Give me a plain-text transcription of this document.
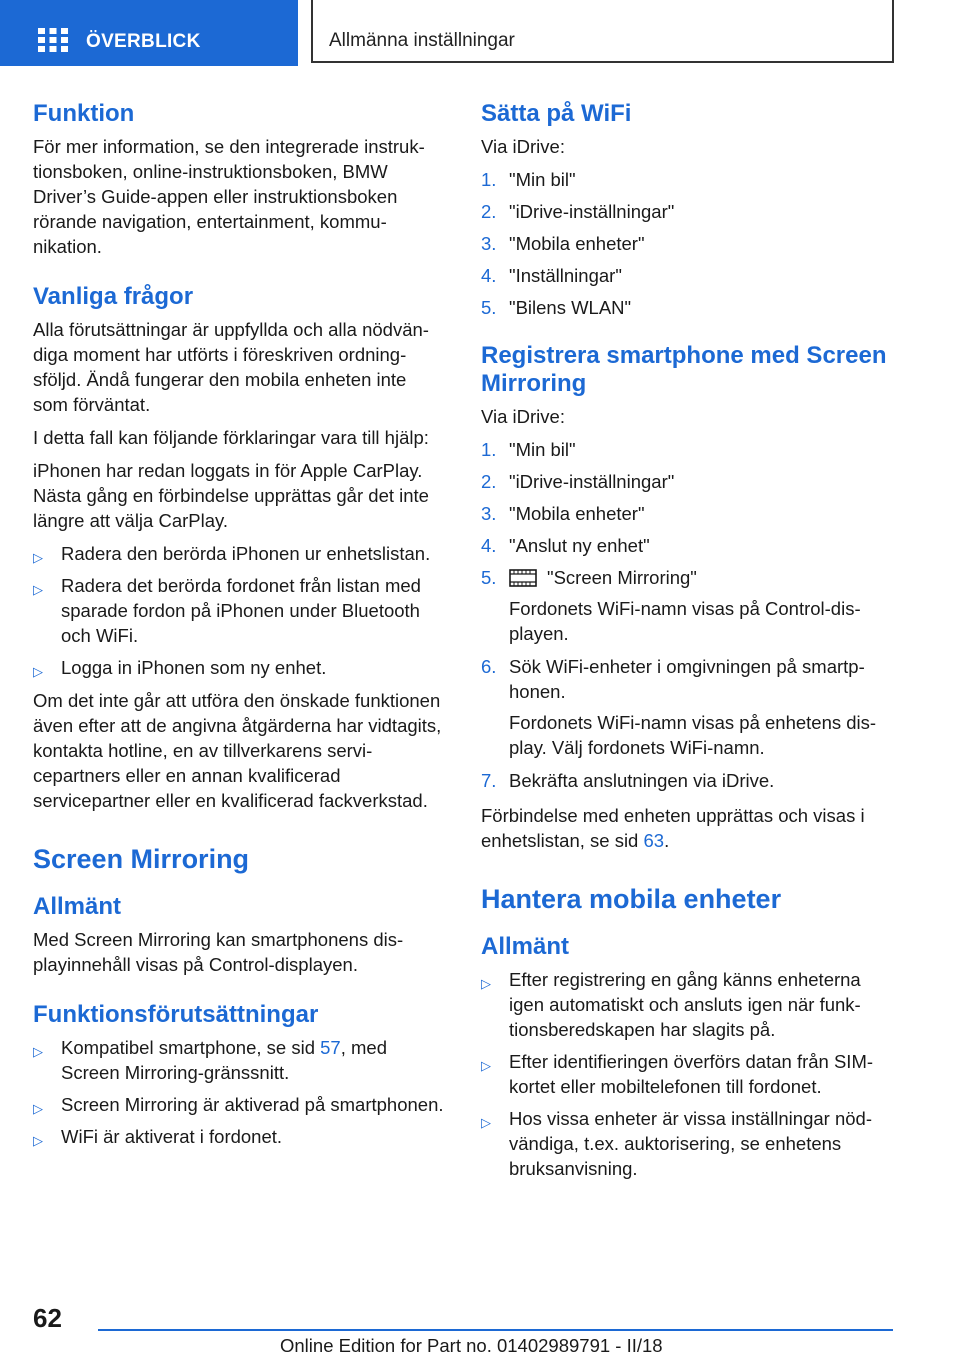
ÖVERBLICK	Allmänna inställningar
Funktion

För mer information, se den integrerade instruktionsboken, online-instruktionsboken, BMW Driver’s Guide-appen eller instruktionsboken rörande navigation, entertainment, kommunikation.

Vanliga frågor

Alla förutsättningar är uppfyllda och alla nödvändiga moment har utförts i föreskriven ordningsföljd. Ändå fungerar den mobila enheten inte som förväntat.

I detta fall kan följande förklaringar vara till hjälp:

iPhonen har redan loggats in för Apple CarPlay. Nästa gång en förbindelse upprättas går det inte längre att välja CarPlay.

▷ Radera den berörda iPhonen ur enhetslistan.
▷ Radera det berörda fordonet från listan med sparade fordon på iPhonen under Bluetooth och WiFi.
▷ Logga in iPhonen som ny enhet.

Om det inte går att utföra den önskade funktionen även efter att de angivna åtgärderna har vidtagits, kontakta hotline, en av tillverkarens servicepartners eller en annan kvalificerad servicepartner eller en kvalificerad fackverkstad.

Screen Mirroring
Allmänt

Med Screen Mirroring kan smartphonens displayinnehåll visas på Control-displayen.

Funktionsförutsättningar
▷ Kompatibel smartphone, se sid 57, med Screen Mirroring-gränssnitt.
▷ Screen Mirroring är aktiverad på smartphonen.
▷ WiFi är aktiverat i fordonet.
Sätta på WiFi

Via iDrive:

1. "Min bil"
2. "iDrive-inställningar"
3. "Mobila enheter"
4. "Inställningar"
5. "Bilens WLAN"
Registrera smartphone med Screen Mirroring

Via iDrive:

1. "Min bil"
2. "iDrive-inställningar"
3. "Mobila enheter"
4. "Anslut ny enhet"
5.	"Screen Mirroring"

Fordonets WiFi-namn visas på Control-displayen.

6. Sök WiFi-enheter i omgivningen på smartphonen.

Fordonets WiFi-namn visas på enhetens display. Välj fordonets WiFi-namn.

7. Bekräfta anslutningen via iDrive.

Förbindelse med enheten upprättas och visas i enhetslistan, se sid 63.

Hantera mobila enheter
Allmänt
▷ Efter registrering en gång känns enheterna igen automatiskt och ansluts igen när funktionsberedskapen har slagits på.
▷ Efter identifieringen överförs datan från SIM-kortet eller mobiltelefonen till fordonet.
▷ Hos vissa enheter är vissa inställningar nödvändiga, t.ex. auktorisering, se enhetens bruksanvisning.
62
Online Edition for Part no. 01402989791 - II/18
